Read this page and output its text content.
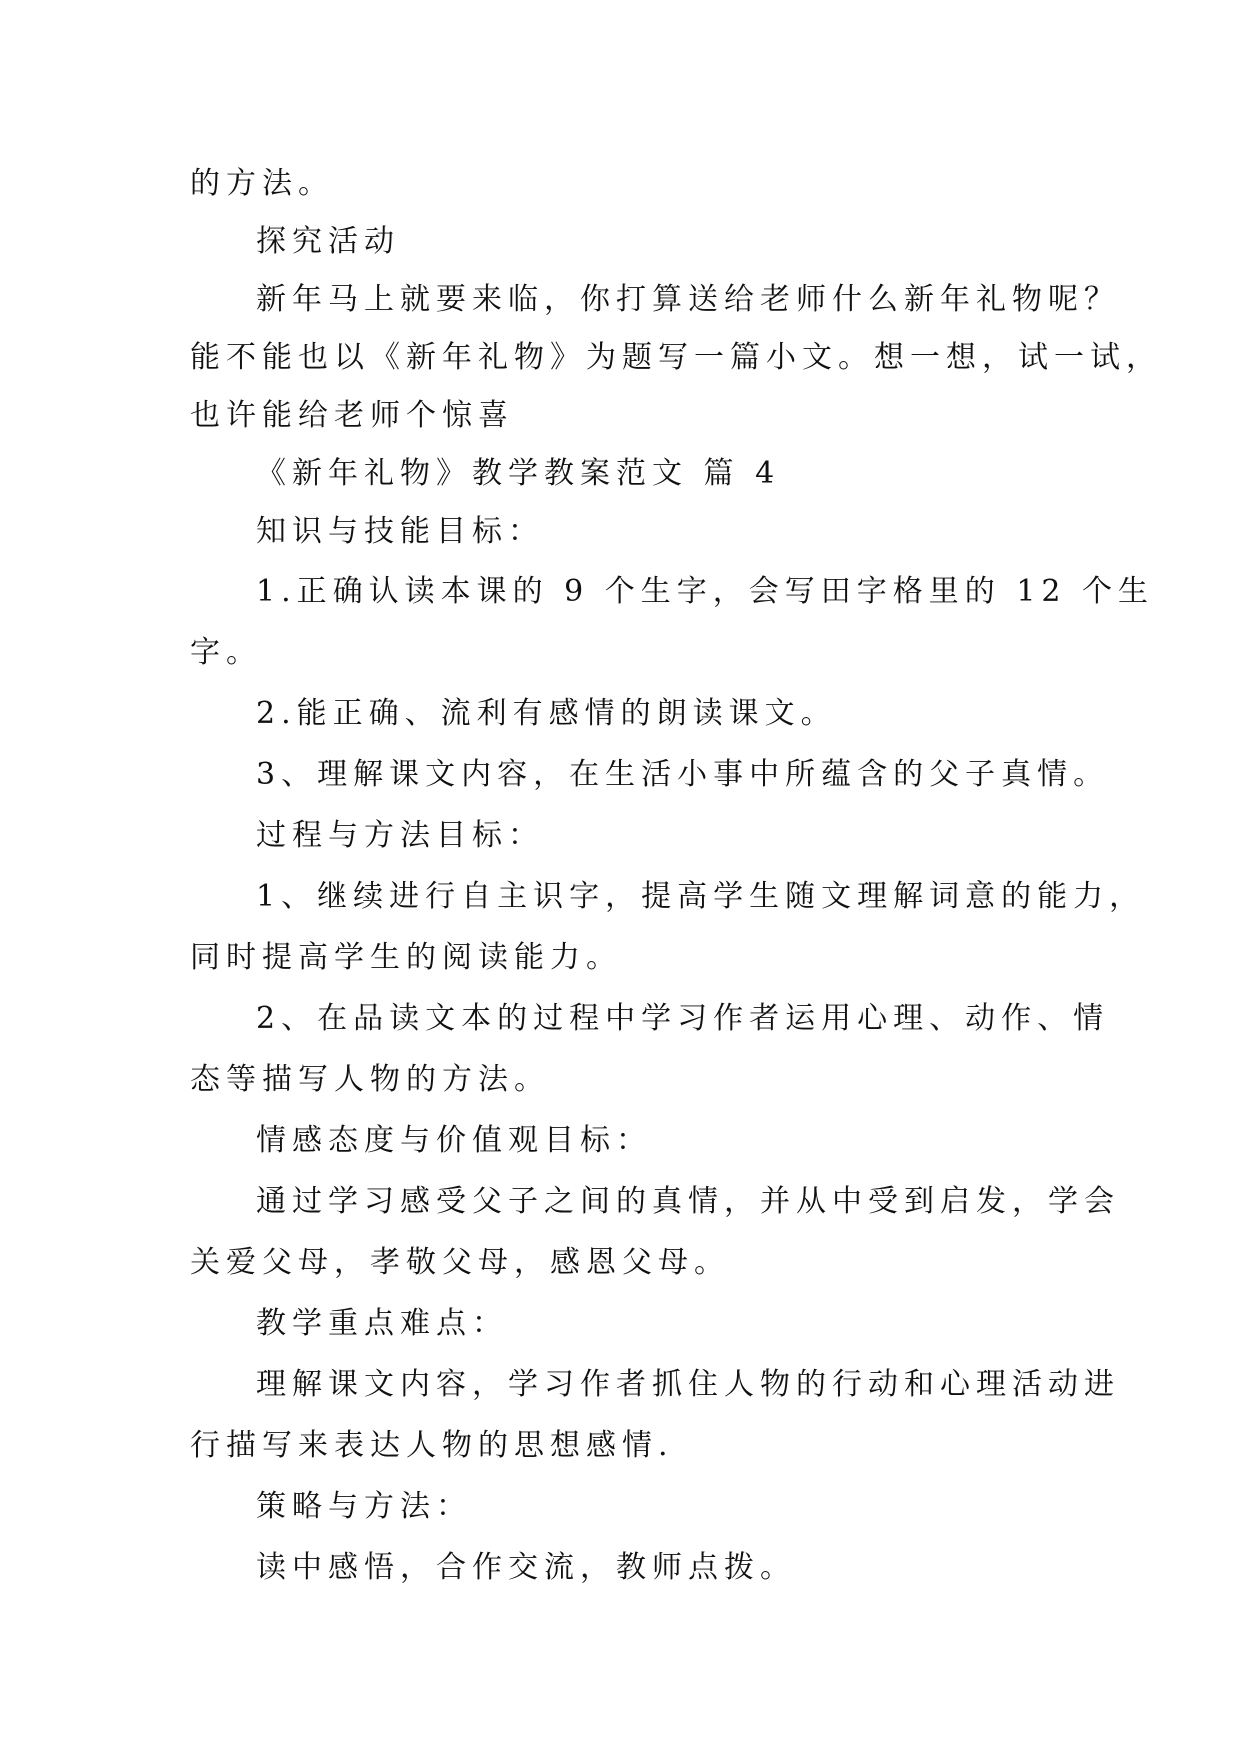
的方法。
探究活动
新年马上就要来临，你打算送给老师什么新年礼物呢？
能不能也以《新年礼物》为题写一篇小文。想一想，试一试，
也许能给老师个惊喜
《新年礼物》教学教案范文 篇 4
知识与技能目标：
1.正确认读本课的 9 个生字，会写田字格里的 12 个生
字。
2.能正确、流利有感情的朗读课文。
3、理解课文内容，在生活小事中所蕴含的父子真情。
过程与方法目标：
1、继续进行自主识字，提高学生随文理解词意的能力，
同时提高学生的阅读能力。
2、在品读文本的过程中学习作者运用心理、动作、情
态等描写人物的方法。
情感态度与价值观目标：
通过学习感受父子之间的真情，并从中受到启发，学会
关爱父母，孝敬父母，感恩父母。
教学重点难点：
理解课文内容，学习作者抓住人物的行动和心理活动进
行描写来表达人物的思想感情.
策略与方法：
读中感悟，合作交流，教师点拨。
